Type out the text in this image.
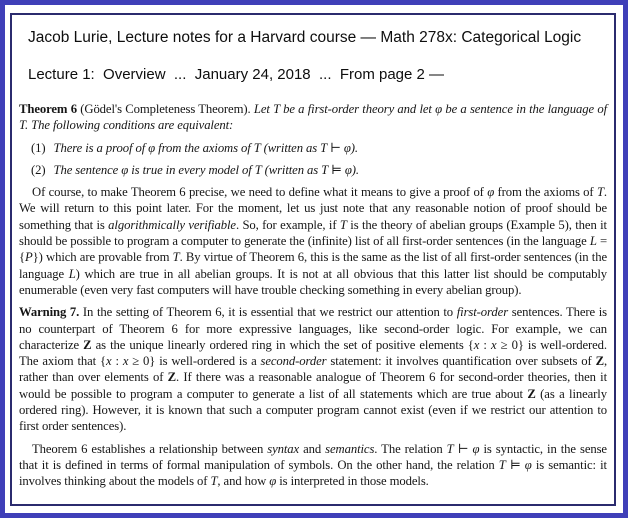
Jacob Lurie, Lecture notes for a Harvard course — Math 278x: Categorical Logic
Lecture 1:  Overview  ...  January 24, 2018  ...  From page 2 —

Theorem 6 (Gödel's Completeness Theorem). Let T be a first-order theory and let φ be a sentence in the language of T. The following conditions are equivalent:

(1) There is a proof of φ from the axioms of T (written as T ⊢ φ).
(2) The sentence φ is true in every model of T (written as T ⊨ φ).

Of course, to make Theorem 6 precise, we need to define what it means to give a proof of φ from the axioms of T. We will return to this point later. For the moment, let us just note that any reasonable notion of proof should be something that is algorithmically verifiable. So, for example, if T is the theory of abelian groups (Example 5), then it should be possible to program a computer to generate the (infinite) list of all first-order sentences (in the language L = {P}) which are provable from T. By virtue of Theorem 6, this is the same as the list of all first-order sentences (in the language L) which are true in all abelian groups. It is not at all obvious that this latter list should be computably enumerable (even very fast computers will have trouble checking something in every abelian group).

Warning 7. In the setting of Theorem 6, it is essential that we restrict our attention to first-order sentences. There is no counterpart of Theorem 6 for more expressive languages, like second-order logic. For example, we can characterize Z as the unique linearly ordered ring in which the set of positive elements {x : x ≥ 0} is well-ordered. The axiom that {x : x ≥ 0} is well-ordered is a second-order statement: it involves quantification over subsets of Z, rather than over elements of Z. If there was a reasonable analogue of Theorem 6 for second-order theories, then it would be possible to program a computer to generate a list of all statements which are true about Z (as a linearly ordered ring). However, it is known that such a computer program cannot exist (even if we restrict our attention to first order sentences).

Theorem 6 establishes a relationship between syntax and semantics. The relation T ⊢ φ is syntactic, in the sense that it is defined in terms of formal manipulation of symbols. On the other hand, the relation T ⊨ φ is semantic: it involves thinking about the models of T, and how φ is interpreted in those models.
